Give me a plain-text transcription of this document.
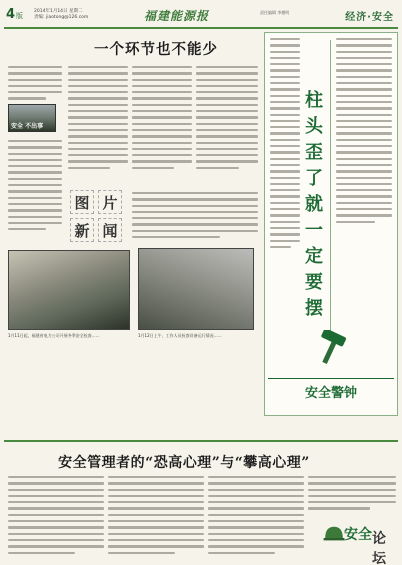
4版
2014年1月14日 星期二
责编: jiaotong@126.com	福建能源报	责任编辑 李德明	经济·安全
一个环节也不能少
安全 不出事
图 片
新 闻
1月11日起，福建省电力公司开展冬季安全检查……	1月12日上午，工作人员检查设备运行情况……
柱
头
歪
了
就
一
定
要
摆
安全警钟
安全管理者的“恐高心理”与“攀高心理”
安全 论坛
